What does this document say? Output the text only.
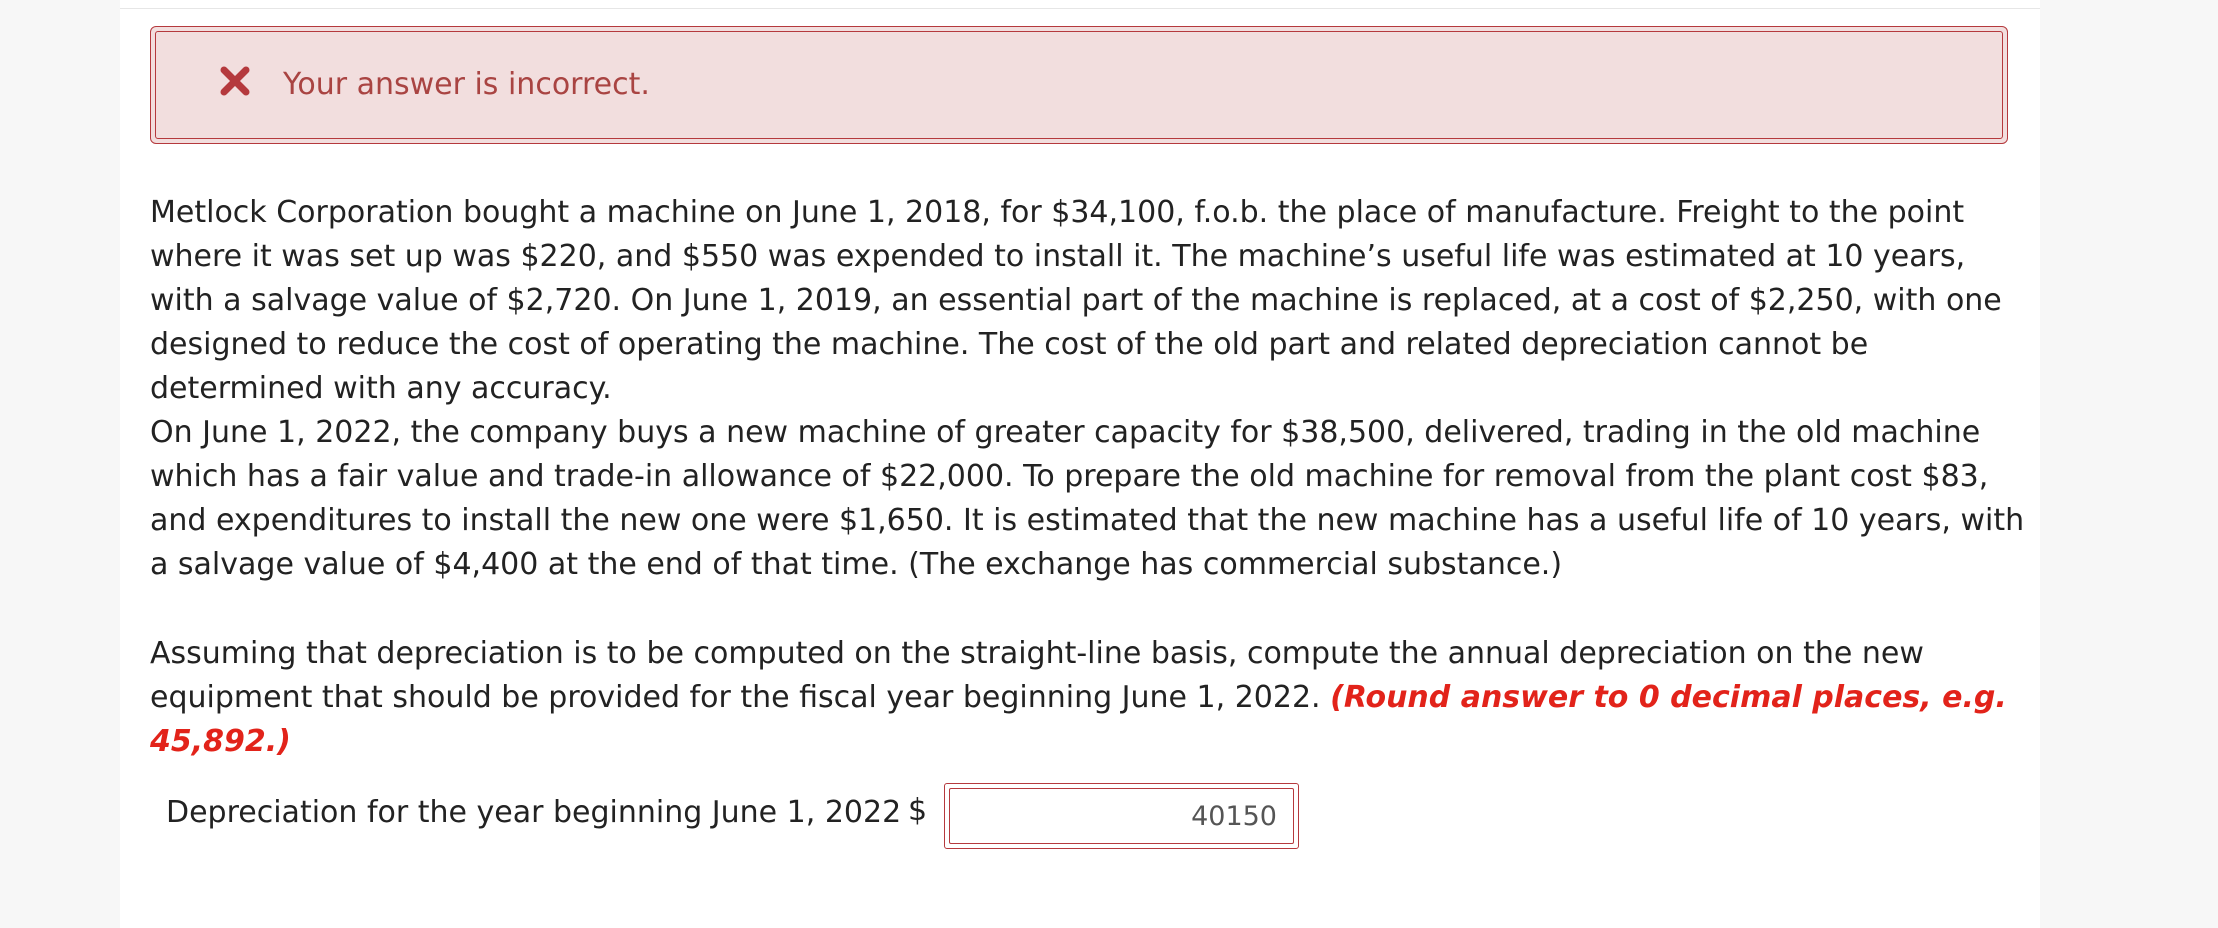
Your answer is incorrect.

Metlock Corporation bought a machine on June 1, 2018, for $34,100, f.o.b. the place of manufacture. Freight to the point where it was set up was $220, and $550 was expended to install it. The machine’s useful life was estimated at 10 years, with a salvage value of $2,720. On June 1, 2019, an essential part of the machine is replaced, at a cost of $2,250, with one designed to reduce the cost of operating the machine. The cost of the old part and related depreciation cannot be determined with any accuracy.

On June 1, 2022, the company buys a new machine of greater capacity for $38,500, delivered, trading in the old machine which has a fair value and trade-in allowance of $22,000. To prepare the old machine for removal from the plant cost $83, and expenditures to install the new one were $1,650. It is estimated that the new machine has a useful life of 10 years, with a salvage value of $4,400 at the end of that time. (The exchange has commercial substance.)

Assuming that depreciation is to be computed on the straight-line basis, compute the annual depreciation on the new equipment that should be provided for the fiscal year beginning June 1, 2022. (Round answer to 0 decimal places, e.g. 45,892.)

Depreciation for the year beginning June 1, 2022 $
40150
